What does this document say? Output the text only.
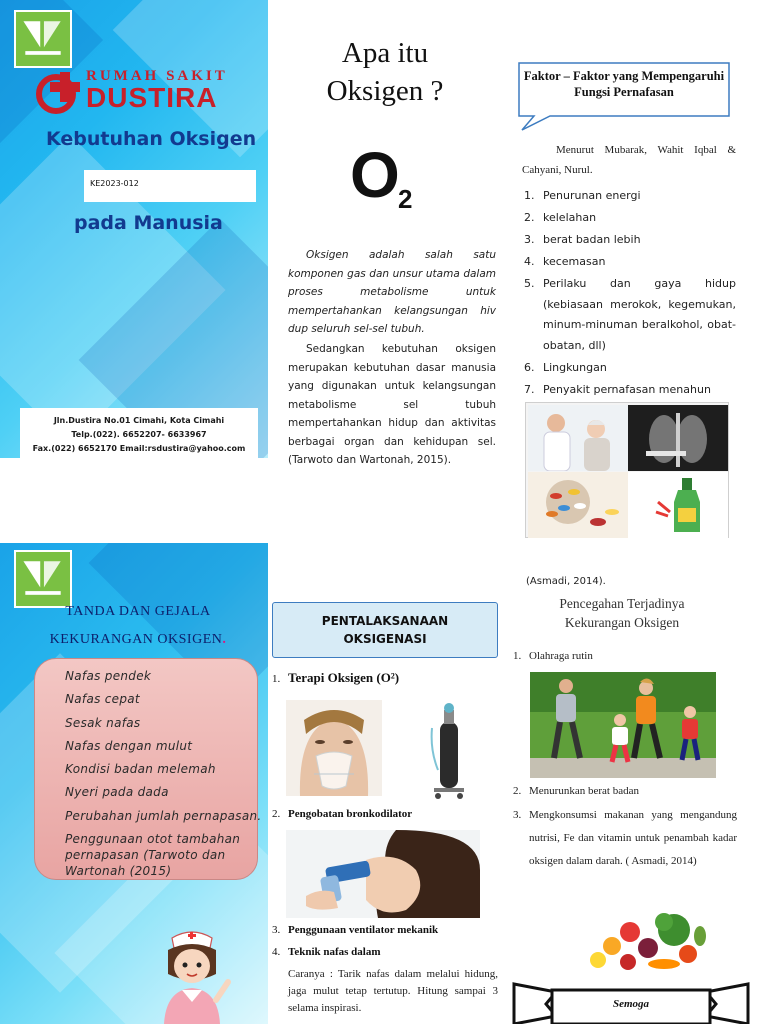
RUMAH SAKIT
DUSTIRA
Kebutuhan Oksigen
KE2023-012
pada Manusia
Jln.Dustira No.01 Cimahi, Kota Cimahi
Telp.(022). 6652207- 6633967
Fax.(022) 6652170 Email:rsdustira@yahoo.com
Apa itu
Oksigen ?
O
2

Oksigen adalah salah satu komponen gas dan unsur utama dalam proses metabolisme untuk mempertahankan kelangsungan hiv dup seluruh sel-sel tubuh.

Sedangkan kebutuhan oksigen merupakan kebutuhan dasar manusia yang digunakan untuk kelangsungan metabolisme sel tubuh mempertahankan hidup dan aktivitas berbagai organ dan kehidupan sel. (Tarwoto dan Wartonah, 2015).

Faktor – Faktor yang Mempengaruhi Fungsi Pernafasan

Menurut Mubarak, Wahit Iqbal & Cahyani, Nurul.

1. Penurunan energi
2. kelelahan
3. berat badan lebih
4. kecemasan
5. Perilaku dan gaya hidup (kebiasaan merokok, kegemukan, minum-minuman beralkohol, obat-obatan, dll)
6. Lingkungan
7. Penyakit pernafasan menahun
TANDA DAN GEJALA
KEKURANGAN OKSIGEN.
Nafas pendek
Nafas cepat
Sesak nafas
Nafas dengan mulut
Kondisi badan melemah
Nyeri pada dada
Perubahan jumlah pernapasan.
Penggunaan otot tambahan pernapasan (Tarwoto dan Wartonah (2015)
PENTALAKSANAAN
OKSIGENASI
1. Terapi Oksigen (O²)
2. Pengobatan bronkodilator
3. Penggunaan ventilator mekanik
4. Teknik nafas dalam

Caranya : Tarik nafas dalam melalui hidung, jaga mulut tetap tertutup. Hitung sampai 3 selama inspirasi.

(Asmadi, 2014).
Pencegahan Terjadinya
Kekurangan Oksigen
1. Olahraga rutin
2. Menurunkan berat badan
3. Mengkonsumsi makanan yang mengandung nutrisi, Fe dan vitamin untuk penambah kadar oksigen dalam darah. ( Asmadi, 2014)
Semoga
